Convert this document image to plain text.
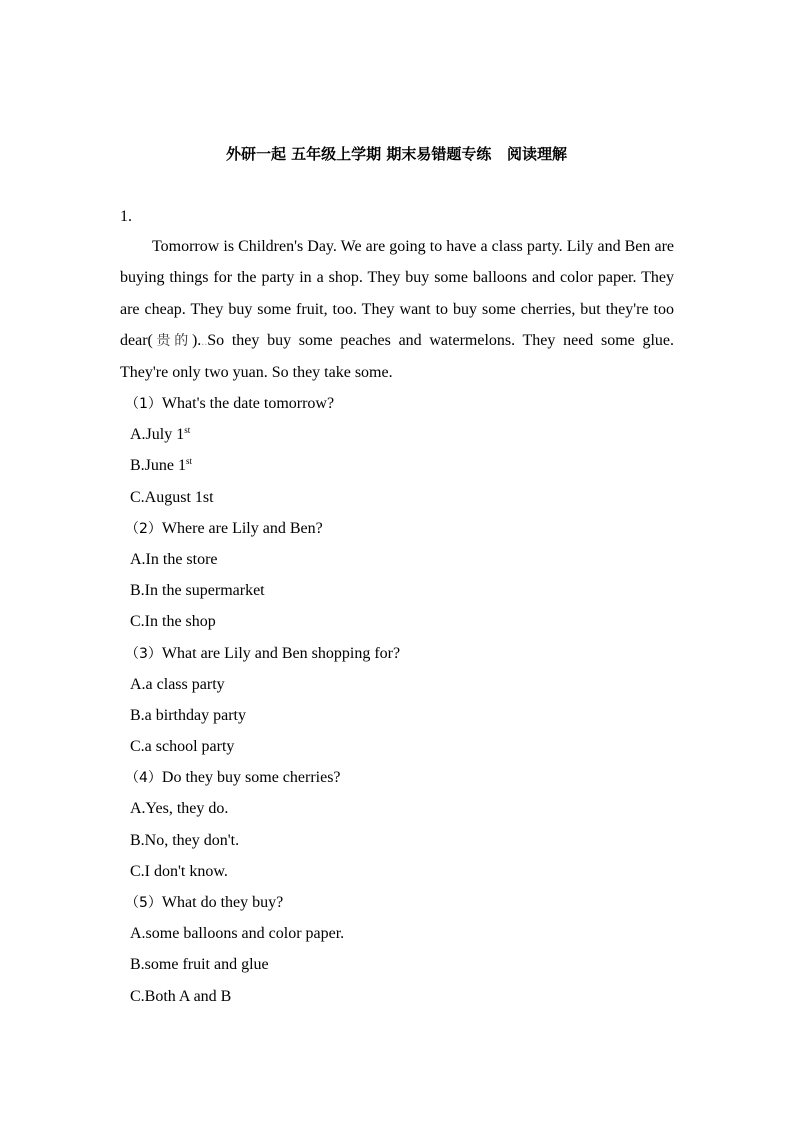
外研一起 五年级上学期 期末易错题专练   阅读理解
1.

Tomorrow is Children's Day. We are going to have a class party. Lily and Ben are buying things for the party in a shop. They buy some balloons and color paper. They are cheap. They buy some fruit, too. They want to buy some cherries, but they're too dear(贵的)...So they buy some peaches and watermelons. They need some glue. They're only two yuan. So they take some.

（1）What's the date tomorrow?
A.July 1st
B.June 1st
C.August 1st
（2）Where are Lily and Ben?
A.In the store
B.In the supermarket
C.In the shop
（3）What are Lily and Ben shopping for?
A.a class party
B.a birthday party
C.a school party
（4）Do they buy some cherries?
A.Yes, they do.
B.No, they don't.
C.I don't know.
（5）What do they buy?
A.some balloons and color paper.
B.some fruit and glue
C.Both A and B
